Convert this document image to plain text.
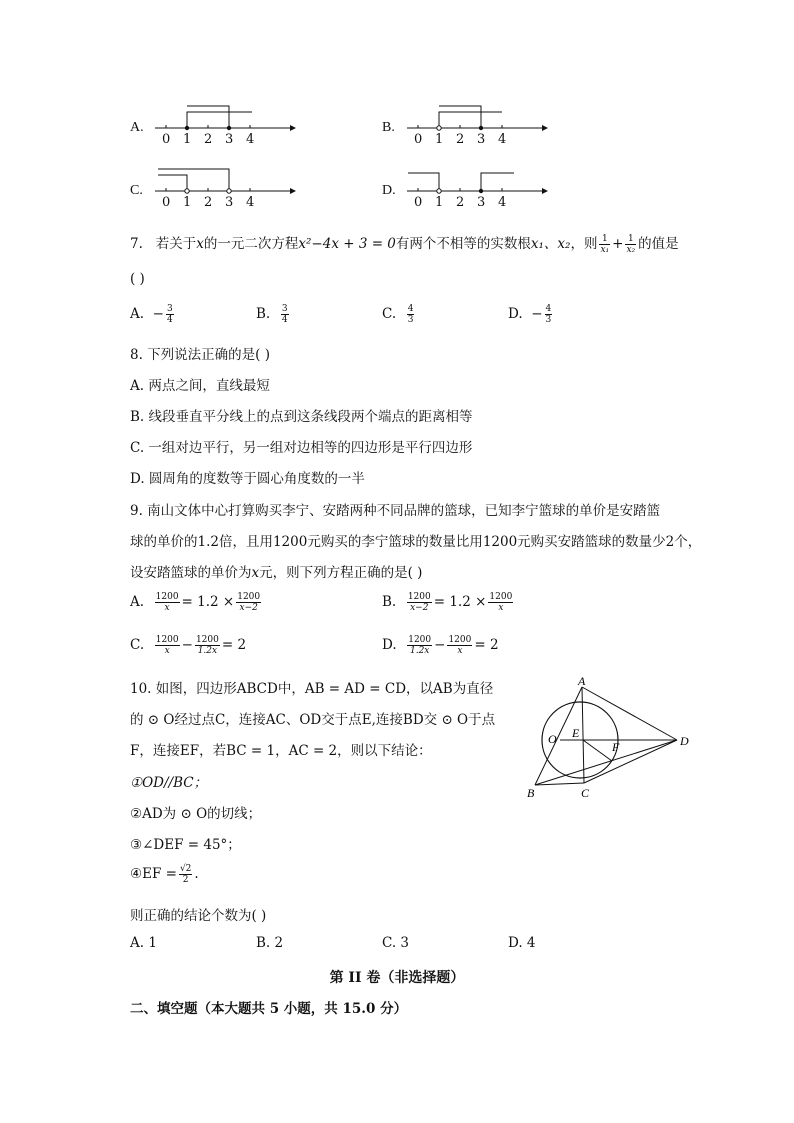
A.
0 1 2 3 4
B.
0 1 2 3 4
C.
0 1 2 3 4
D.
0 1 2 3 4
7. 若关于x的一元二次方程x²−4x + 3 = 0有两个不相等的实数根x₁、x₂，则 $\frac{1}{\text{x₁}} + \frac{1}{\text{x₂}}$ 的值是
( )
A. − $\frac{3}{4}$	B. $\frac{3}{4}$	C. $\frac{4}{3}$	D. − $\frac{4}{3}$
8. 下列说法正确的是( )
A. 两点之间，直线最短
B. 线段垂直平分线上的点到这条线段两个端点的距离相等
C. 一组对边平行，另一组对边相等的四边形是平行四边形
D. 圆周角的度数等于圆心角度数的一半
9. 南山文体中心打算购买李宁、安踏两种不同品牌的篮球，已知李宁篮球的单价是安踏篮
球的单价的1.2倍，且用1200元购买的李宁篮球的数量比用1200元购买安踏篮球的数量少2个，
设安踏篮球的单价为x元，则下列方程正确的是( )
A. $\frac{1200}{x} = 1.2 \times \frac{1200}{x-2}$	B. $\frac{1200}{x-2} = 1.2 \times \frac{1200}{x}$
C. $\frac{1200}{x} - \frac{1200}{1.2x} = 2$	D. $\frac{1200}{1.2x} - \frac{1200}{x} = 2$
10. 如图，四边形ABCD中，AB = AD = CD，以AB为直径
的 ⊙ O经过点C，连接AC、OD交于点E,连接BD交 ⊙ O于点
F，连接EF，若BC = 1，AC = 2，则以下结论：
①OD//BC；
②AD为 ⊙ O的切线；
③∠DEF = 45°；
④EF = $\frac{√2}{2}$ .
则正确的结论个数为( )
A. 1	B. 2	C. 3	D. 4
A
B	C
D
O E
F
第 II 卷（非选择题）
二、填空题（本大题共 5 小题，共 15.0 分）
